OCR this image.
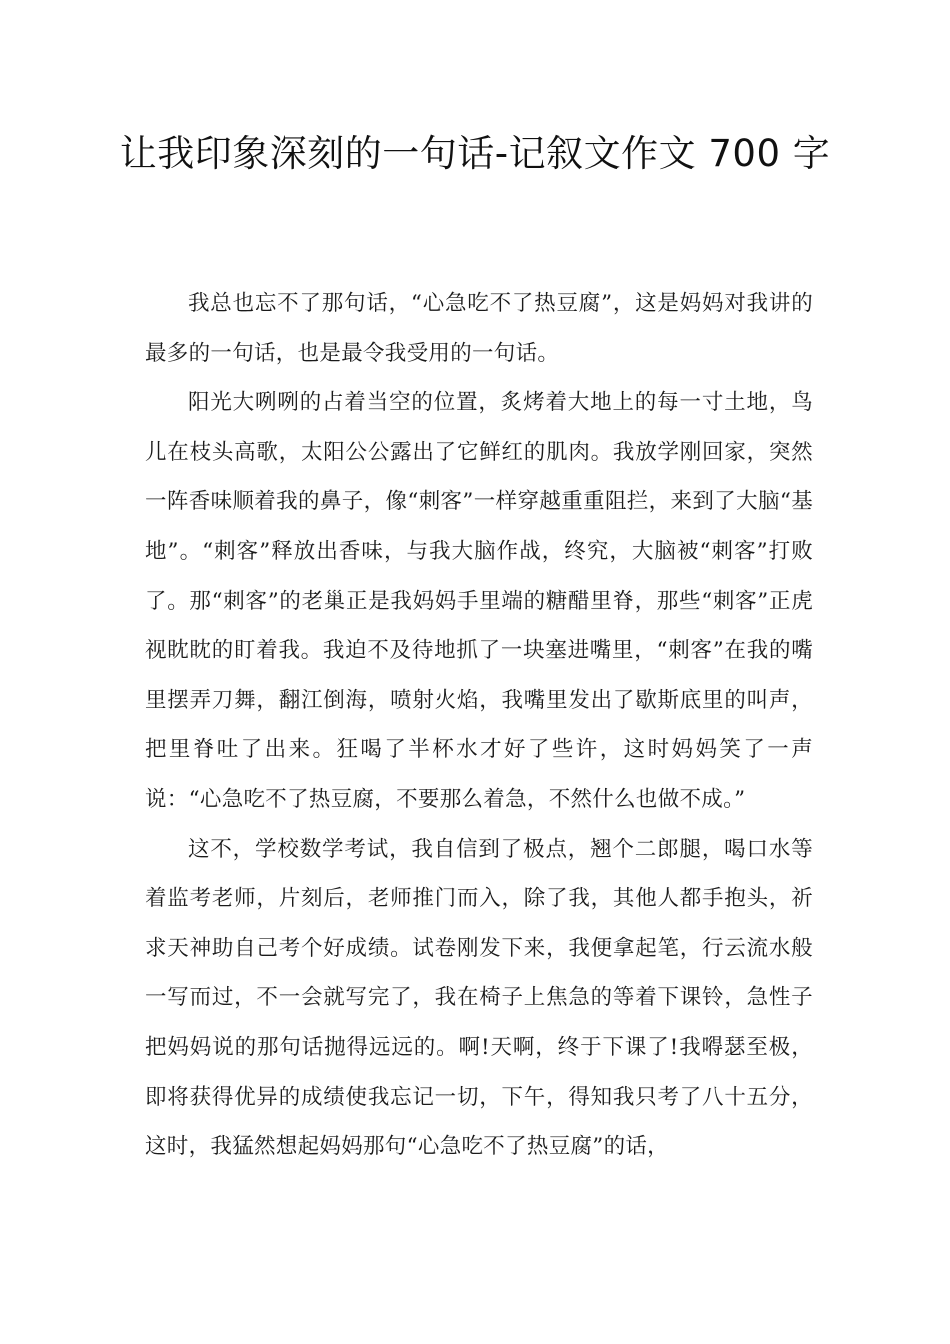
让我印象深刻的一句话-记叙文作文 700 字

我总也忘不了那句话，“心急吃不了热豆腐”，这是妈妈对我讲的最多的一句话，也是最令我受用的一句话。

阳光大咧咧的占着当空的位置，炙烤着大地上的每一寸土地，鸟儿在枝头高歌，太阳公公露出了它鲜红的肌肉。我放学刚回家，突然一阵香味顺着我的鼻子，像“刺客”一样穿越重重阻拦，来到了大脑“基地”。“刺客”释放出香味，与我大脑作战，终究，大脑被“刺客”打败了。那“刺客”的老巢正是我妈妈手里端的糖醋里脊，那些“刺客”正虎视眈眈的盯着我。我迫不及待地抓了一块塞进嘴里，“刺客”在我的嘴里摆弄刀舞，翻江倒海，喷射火焰，我嘴里发出了歇斯底里的叫声，把里脊吐了出来。狂喝了半杯水才好了些许，这时妈妈笑了一声说：“心急吃不了热豆腐，不要那么着急，不然什么也做不成。”

这不，学校数学考试，我自信到了极点，翘个二郎腿，喝口水等着监考老师，片刻后，老师推门而入，除了我，其他人都手抱头，祈求天神助自己考个好成绩。试卷刚发下来，我便拿起笔，行云流水般一写而过，不一会就写完了，我在椅子上焦急的等着下课铃，急性子把妈妈说的那句话抛得远远的。啊!天啊，终于下课了!我嘚瑟至极，即将获得优异的成绩使我忘记一切，下午，得知我只考了八十五分，这时，我猛然想起妈妈那句“心急吃不了热豆腐”的话，
